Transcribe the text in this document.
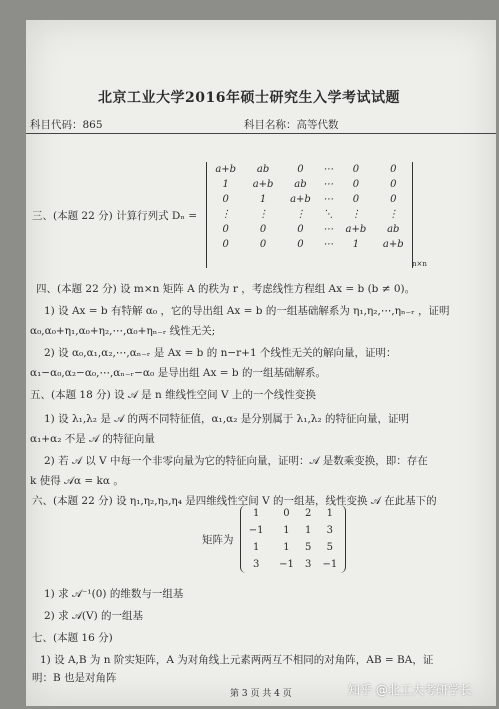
北京工业大学2016年硕士研究生入学考试试题
科目代码：865	科目名称：高等代数
三、(本题 22 分) 计算行列式 Dₙ =
a+b	ab	0	⋯	0	0
1	a+b	ab	⋯	0	0
0	1	a+b	⋯	0	0
⋮	⋮	⋮	⋱	⋮	⋮
0	0	0	⋯	a+b	ab
0	0	0	⋯	1	a+b
n×n
四、(本题 22 分) 设 m×n 矩阵 A 的秩为 r ，考虑线性方程组 Ax = b (b ≠ 0)。
1) 设 Ax = b 有特解 α₀ ，它的导出组 Ax = b 的一组基础解系为 η₁,η₂,⋯,ηₙ₋ᵣ ，证明
α₀,α₀+η₁,α₀+η₂,⋯,α₀+ηₙ₋ᵣ 线性无关;
2) 设 α₀,α₁,α₂,⋯,αₙ₋ᵣ 是 Ax = b 的 n−r+1 个线性无关的解向量，证明：
α₁−α₀,α₂−α₀,⋯,αₙ₋ᵣ−α₀ 是导出组 Ax = b 的一组基础解系。
五、(本题 18 分) 设 𝒜 是 n 维线性空间 V 上的一个线性变换
1) 设 λ₁,λ₂ 是 𝒜 的两不同特征值，α₁,α₂ 是分别属于 λ₁,λ₂ 的特征向量，证明
α₁+α₂ 不是 𝒜 的特征向量
2) 若 𝒜 以 V 中每一个非零向量为它的特征向量，证明：𝒜 是数乘变换，即：存在
k 使得 𝒜α = kα 。
六、(本题 22 分) 设 η₁,η₂,η₃,η₄ 是四维线性空间 V 的一组基，线性变换 𝒜 在此基下的
矩阵为
1	0	2	1
−1	1	1	3
1	1	5	5
3	−1	3	−1
1) 求 𝒜⁻¹(0) 的维数与一组基
2) 求 𝒜(V) 的一组基
七、(本题 16 分)
1) 设 A,B 为 n 阶实矩阵，A 为对角线上元素两两互不相同的对角阵，AB = BA，证
明：B 也是对角阵
第 3 页 共 4 页	知乎 @北工大考研学长
